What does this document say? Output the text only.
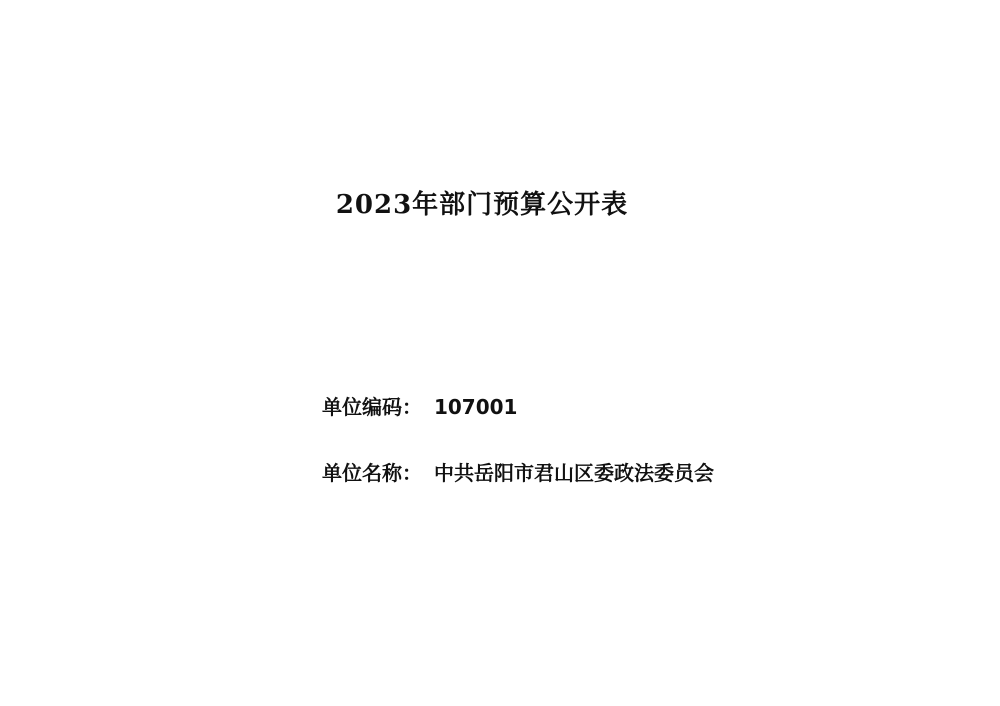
2023年部门预算公开表
单位编码： 107001
单位名称： 中共岳阳市君山区委政法委员会
